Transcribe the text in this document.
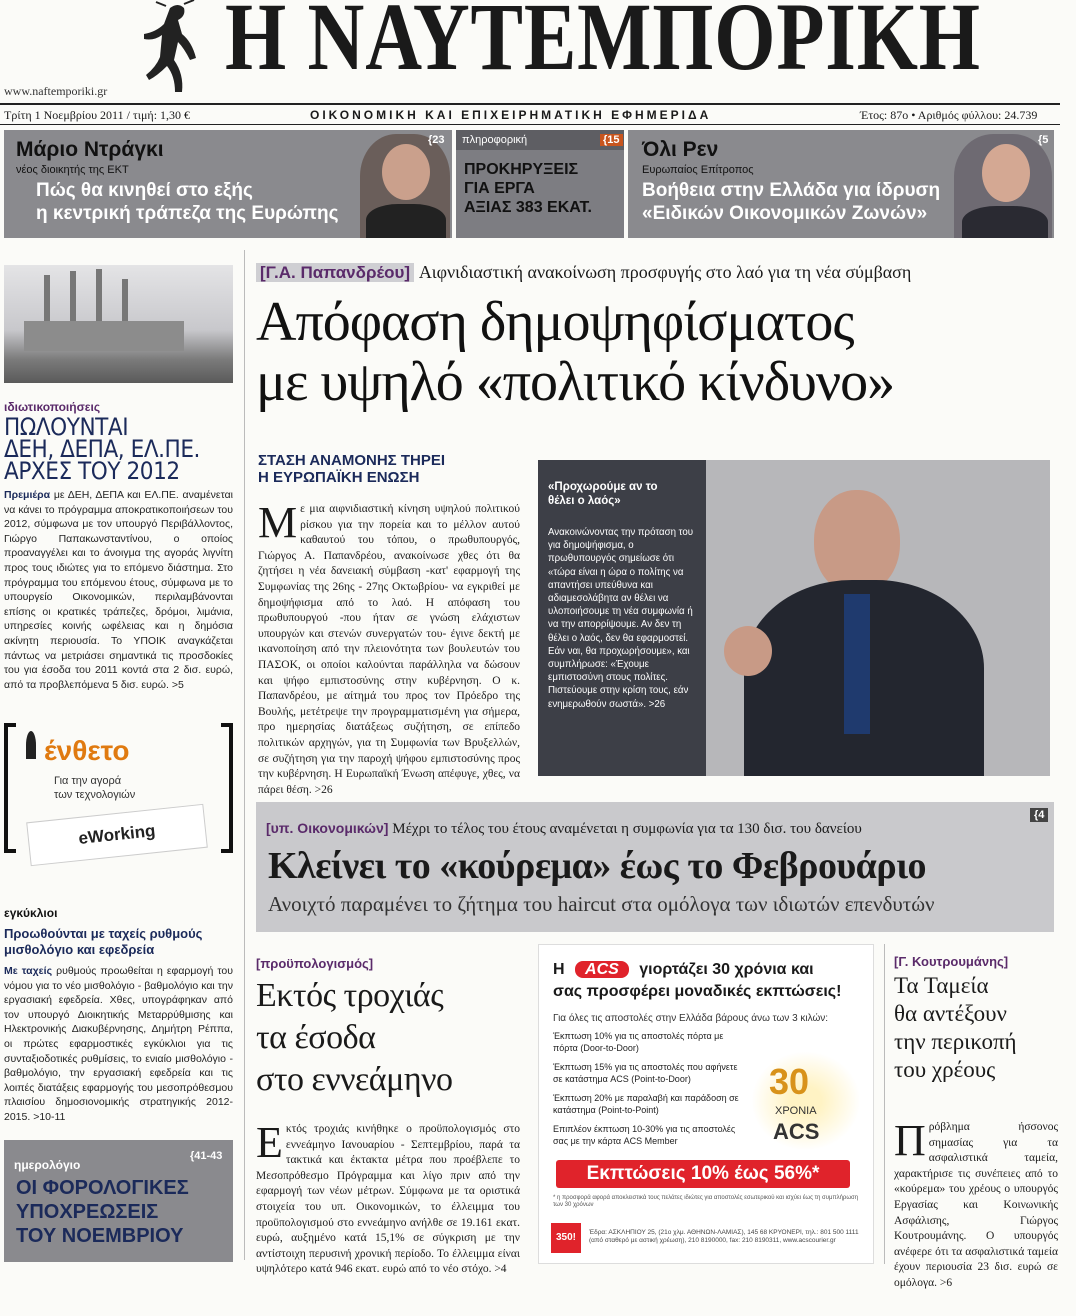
Η ΝΑΥΤΕΜΠΟΡΙΚΗ
www.naftemporiki.gr
Τρίτη 1 Νοεμβρίου 2011 / τιμή: 1,30 €	ΟΙΚΟΝΟΜΙΚΗ ΚΑΙ ΕΠΙΧΕΙΡΗΜΑΤΙΚΗ ΕΦΗΜΕΡΙΔΑ	Έτος: 87ο • Αριθμός φύλλου: 24.739
Μάριο Ντράγκι
νέος διοικητής της ΕΚΤ
Πώς θα κινηθεί στο εξής
η κεντρική τράπεζα της Ευρώπης
{23 πληροφορική	{15
ΠΡΟΚΗΡΥΞΕΙΣ
ΓΙΑ ΕΡΓΑ
ΑΞΙΑΣ 383 ΕΚΑΤ.
Όλι Ρεν
Ευρωπαίος Επίτροπος
Βοήθεια στην Ελλάδα για ίδρυση
«Ειδικών Οικονομικών Ζωνών»
{5
ιδιωτικοποιήσεις
ΠΩΛΟΥΝΤΑΙ
ΔΕΗ, ΔΕΠΑ, ΕΛ.ΠΕ.
ΑΡΧΕΣ ΤΟΥ 2012
Πρεμιέρα με ΔΕΗ, ΔΕΠΑ και ΕΛ.ΠΕ. αναμένεται να κάνει το πρόγραμμα αποκρατικοποιήσεων του 2012, σύμφωνα με τον υπουργό Περιβάλλοντος, Γιώργο Παπακωνσταντίνου, ο οποίος προαναγγέλει και το άνοιγμα της αγοράς λιγνίτη προς τους ιδιώτες για το επόμενο διάστημα. Στο πρόγραμμα του επόμενου έτους, σύμφωνα με το υπουργείο Οικονομικών, περιλαμβάνονται επίσης οι κρατικές τράπεζες, δρόμοι, λιμάνια, υπηρεσίες κοινής ωφέλειας και η δημόσια ακίνητη περιουσία. Το ΥΠΟΙΚ αναγκάζεται πάντως να μετριάσει σημαντικά τις προσδοκίες του για έσοδα του 2011 κοντά στα 2 δισ. ευρώ, από τα προβλεπόμενα 5 δισ. ευρώ. >5
ένθετο
Για την αγορά
των τεχνολογιών
eWorking
εγκύκλιοι
Προωθούνται με ταχείς ρυθμούς μισθολόγιο και εφεδρεία
Με ταχείς ρυθμούς προωθείται η εφαρμογή του νόμου για το νέο μισθολόγιο - βαθμολόγιο και την εργασιακή εφεδρεία. Χθες, υπογράφηκαν από τον υπουργό Διοικητικής Μεταρρύθμισης και Ηλεκτρονικής Διακυβέρνησης, Δημήτρη Ρέππα, οι πρώτες εφαρμοστικές εγκύκλιοι για τις συνταξιοδοτικές ρυθμίσεις, το ενιαίο μισθολόγιο - βαθμολόγιο, την εργασιακή εφεδρεία και τις λοιπές διατάξεις εφαρμογής του μεσοπρόθεσμου πλαισίου δημοσιονομικής στρατηγικής 2012-2015. >10-11
ημερολόγιο
{41-43
ΟΙ ΦΟΡΟΛΟΓΙΚΕΣ
ΥΠΟΧΡΕΩΣΕΙΣ
ΤΟΥ ΝΟΕΜΒΡΙΟΥ
[Γ.Α. Παπανδρέου] Αιφνιδιαστική ανακοίνωση προσφυγής στο λαό για τη νέα σύμβαση
Απόφαση δημοψηφίσματος
με υψηλό «πολιτικό κίνδυνο»
ΣΤΑΣΗ ΑΝΑΜΟΝΗΣ ΤΗΡΕΙ
Η ΕΥΡΩΠΑΪΚΗ ΕΝΩΣΗ
Με μια αιφνιδιαστική κίνηση υψηλού πολιτικού ρίσκου για την πορεία και το μέλλον αυτού καθαυτού του τόπου, ο πρωθυπουργός, Γιώργος Α. Παπανδρέου, ανακοίνωσε χθες ότι θα ζητήσει η νέα δανειακή σύμβαση -κατ' εφαρμογή της Συμφωνίας της 26ης - 27ης Οκτωβρίου- να εγκριθεί με δημοψήφισμα από το λαό. Η απόφαση του πρωθυπουργού -που ήταν σε γνώση ελάχιστων υπουργών και στενών συνεργατών του- έγινε δεκτή με ικανοποίηση από την πλειονότητα των βουλευτών του ΠΑΣΟΚ, οι οποίοι καλούνται παράλληλα να δώσουν και ψήφο εμπιστοσύνης στην κυβέρνηση. Ο κ. Παπανδρέου, με αίτημά του προς τον Πρόεδρο της Βουλής, μετέτρεψε την προγραμματισμένη για σήμερα, προ ημερησίας διατάξεως συζήτηση, σε επίπεδο πολιτικών αρχηγών, για τη Συμφωνία των Βρυξελλών, σε συζήτηση για την παροχή ψήφου εμπιστοσύνης προς την κυβέρνηση. Η Ευρωπαϊκή Ένωση απέφυγε, χθες, να πάρει θέση. >26
«Προχωρούμε αν το θέλει ο λαός»
Ανακοινώνοντας την πρόταση του για δημοψήφισμα, ο πρωθυπουργός σημείωσε ότι «τώρα είναι η ώρα ο πολίτης να απαντήσει υπεύθυνα και αδιαμεσολάβητα αν θέλει να υλοποιήσουμε τη νέα συμφωνία ή να την απορρίψουμε. Αν δεν τη θέλει ο λαός, δεν θα εφαρμοστεί. Εάν ναι, θα προχωρήσουμε», και συμπλήρωσε: «Έχουμε εμπιστοσύνη στους πολίτες. Πιστεύουμε στην κρίση τους, εάν ενημερωθούν σωστά». >26
[υπ. Οικονομικών] Μέχρι το τέλος του έτους αναμένεται η συμφωνία για τα 130 δισ. του δανείου
{4
Κλείνει το «κούρεμα» έως το Φεβρουάριο
Ανοιχτό παραμένει το ζήτημα του haircut στα ομόλογα των ιδιωτών επενδυτών
[προϋπολογισμός]
Εκτός τροχιάς
τα έσοδα
στο εννεάμηνο
Εκτός τροχιάς κινήθηκε ο προϋπολογισμός στο εννεάμηνο Ιανουαρίου - Σεπτεμβρίου, παρά τα τακτικά και έκτακτα μέτρα που προέβλεπε το Μεσοπρόθεσμο Πρόγραμμα και λίγο πριν από την εφαρμογή των νέων μέτρων. Σύμφωνα με τα οριστικά στοιχεία του υπ. Οικονομικών, το έλλειμμα του προϋπολογισμού στο εννεάμηνο ανήλθε σε 19.161 εκατ. ευρώ, αυξημένο κατά 15,1% σε σύγκριση με την αντίστοιχη περυσινή χρονική περίοδο. Το έλλειμμα είναι υψηλότερο κατά 946 εκατ. ευρώ από το νέο στόχο. >4
Η ACS γιορτάζει 30 χρόνια και
σας προσφέρει μοναδικές εκπτώσεις!
Για όλες τις αποστολές στην Ελλάδα βάρους άνω των 3 κιλών:
Έκπτωση 10% για τις αποστολές πόρτα με πόρτα (Door-to-Door)
Έκπτωση 15% για τις αποστολές που αφήνετε σε κατάστημα ACS (Point-to-Door)
Έκπτωση 20% με παραλαβή και παράδοση σε κατάστημα (Point-to-Point)
Επιπλέον έκπτωση 10-30% για τις αποστολές σας με την κάρτα ACS Member
30
ΧΡΟΝΙΑ
ACS
* η προσφορά αφορά αποκλειστικά τους πελάτες ιδιώτες για αποστολές εσωτερικού και ισχύει έως τη συμπλήρωση των 30 χρόνων
350!	Έδρα: ΑΣΚΛΗΠΙΟΥ 25, (21ο χλμ. ΑΘΗΝΩΝ-ΛΑΜΙΑΣ), 145 68 ΚΡΥΟΝΕΡΙ, τηλ.: 801 500 1111 (από σταθερό με αστική χρέωση), 210 8190000, fax: 210 8190311, www.acscourier.gr
Εκπτώσεις 10% έως 56%*
[Γ. Κουτρουμάνης]
Τα Ταμεία
θα αντέξουν
την περικοπή
του χρέους
Πρόβλημα ήσσονος σημασίας για τα ασφαλιστικά ταμεία, χαρακτήρισε τις συνέπειες από το «κούρεμα» του χρέους ο υπουργός Εργασίας και Κοινωνικής Ασφάλισης, Γιώργος Κουτρουμάνης. Ο υπουργός ανέφερε ότι τα ασφαλιστικά ταμεία έχουν περιουσία 23 δισ. ευρώ σε ομόλογα. >6
